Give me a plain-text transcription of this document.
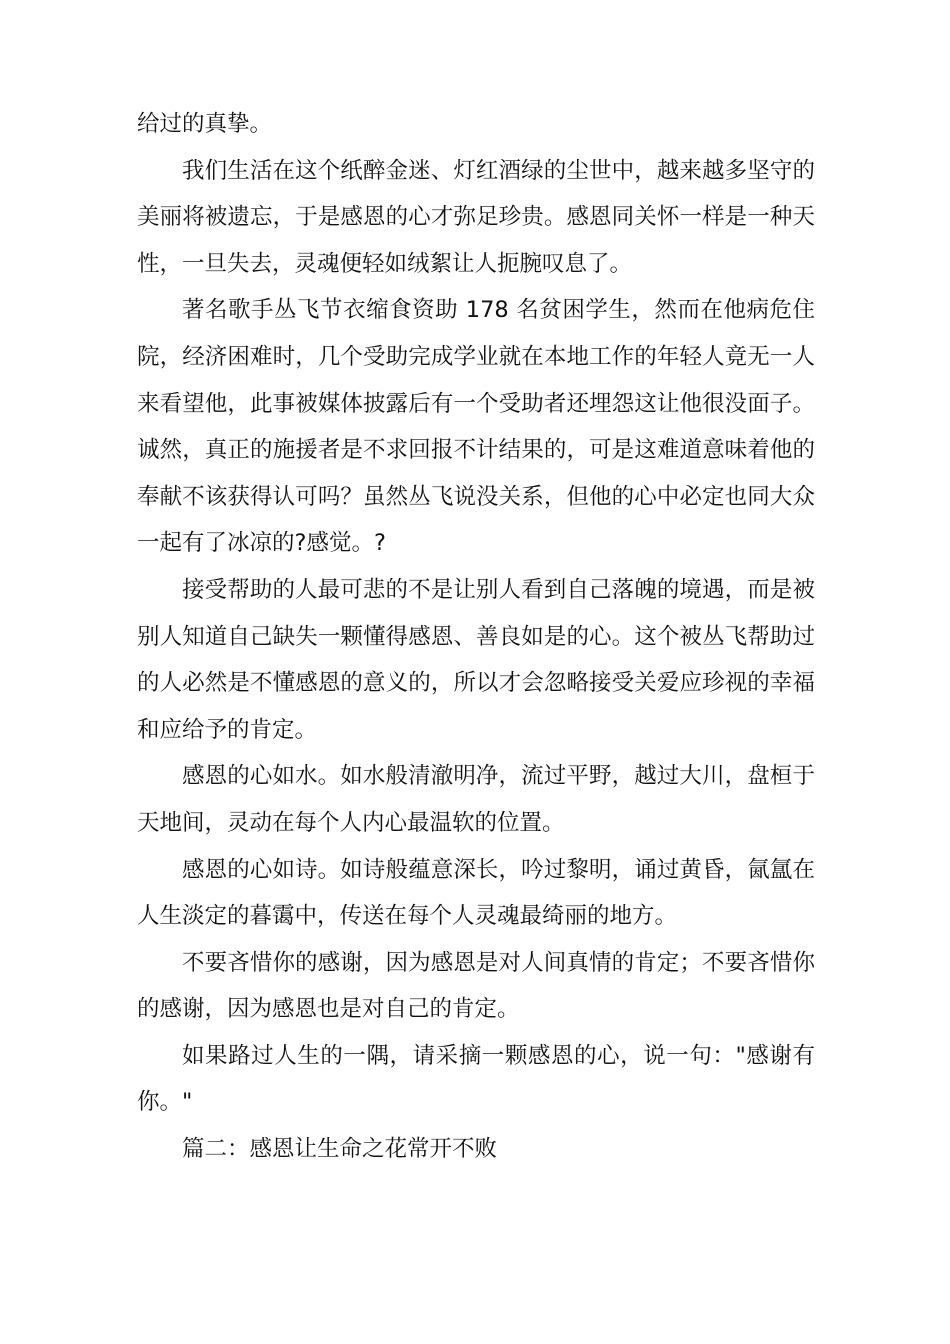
给过的真挚。

我们生活在这个纸醉金迷、灯红酒绿的尘世中，越来越多坚守的美丽将被遗忘，于是感恩的心才弥足珍贵。感恩同关怀一样是一种天性，一旦失去，灵魂便轻如绒絮让人扼腕叹息了。

著名歌手丛飞节衣缩食资助 178 名贫困学生，然而在他病危住院，经济困难时，几个受助完成学业就在本地工作的年轻人竟无一人来看望他，此事被媒体披露后有一个受助者还埋怨这让他很没面子。诚然，真正的施援者是不求回报不计结果的，可是这难道意味着他的奉献不该获得认可吗？虽然丛飞说没关系，但他的心中必定也同大众一起有了冰凉的?感觉。?

接受帮助的人最可悲的不是让别人看到自己落魄的境遇，而是被别人知道自己缺失一颗懂得感恩、善良如是的心。这个被丛飞帮助过的人必然是不懂感恩的意义的，所以才会忽略接受关爱应珍视的幸福和应给予的肯定。

感恩的心如水。如水般清澈明净，流过平野，越过大川，盘桓于天地间，灵动在每个人内心最温软的位置。

感恩的心如诗。如诗般蕴意深长，吟过黎明，诵过黄昏，氤氲在人生淡定的暮霭中，传送在每个人灵魂最绮丽的地方。

不要吝惜你的感谢，因为感恩是对人间真情的肯定；不要吝惜你的感谢，因为感恩也是对自己的肯定。

如果路过人生的一隅，请采摘一颗感恩的心，说一句："感谢有你。"

篇二：感恩让生命之花常开不败
